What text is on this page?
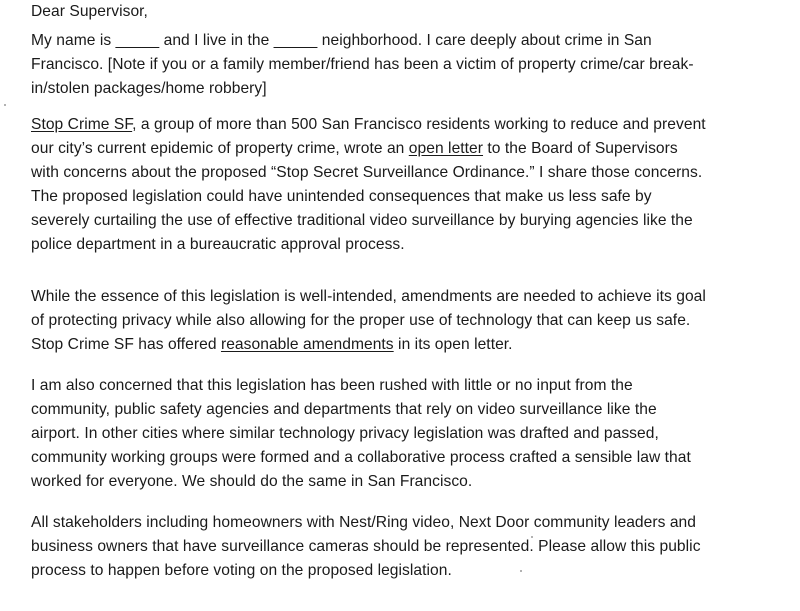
Dear Supervisor,
My name is _____ and I live in the _____ neighborhood. I care deeply about crime in San
Francisco. [Note if you or a family member/friend has been a victim of property crime/car break-
in/stolen packages/home robbery]
Stop Crime SF, a group of more than 500 San Francisco residents working to reduce and prevent
our city’s current epidemic of property crime, wrote an open letter to the Board of Supervisors
with concerns about the proposed “Stop Secret Surveillance Ordinance.” I share those concerns.
The proposed legislation could have unintended consequences that make us less safe by
severely curtailing the use of effective traditional video surveillance by burying agencies like the
police department in a bureaucratic approval process.
While the essence of this legislation is well-intended, amendments are needed to achieve its goal
of protecting privacy while also allowing for the proper use of technology that can keep us safe.
Stop Crime SF has offered reasonable amendments in its open letter.
I am also concerned that this legislation has been rushed with little or no input from the
community, public safety agencies and departments that rely on video surveillance like the
airport. In other cities where similar technology privacy legislation was drafted and passed,
community working groups were formed and a collaborative process crafted a sensible law that
worked for everyone. We should do the same in San Francisco.
All stakeholders including homeowners with Nest/Ring video, Next Door community leaders and
business owners that have surveillance cameras should be represented. Please allow this public
process to happen before voting on the proposed legislation.
